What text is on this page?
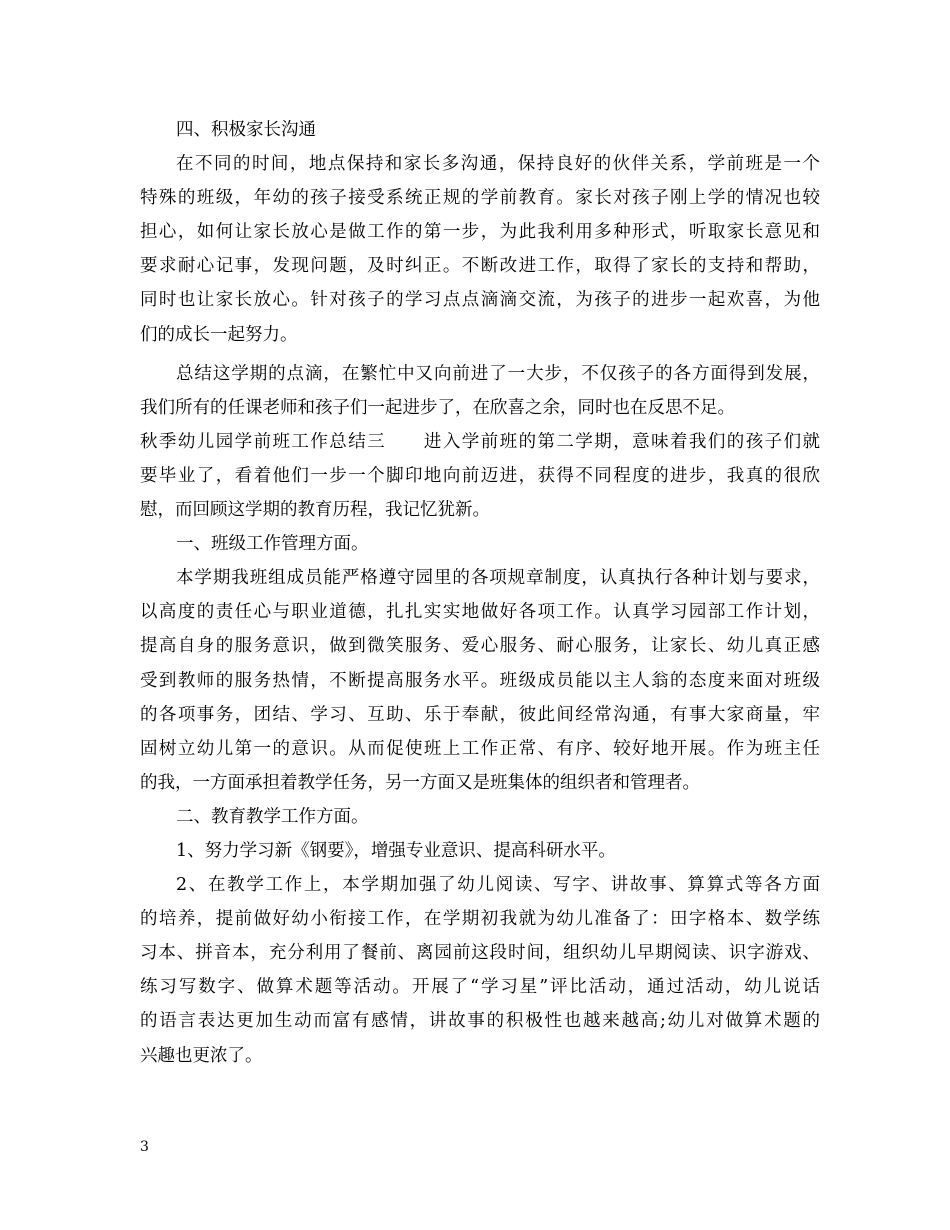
四、积极家长沟通
在不同的时间，地点保持和家长多沟通，保持良好的伙伴关系，学前班是一个
特殊的班级，年幼的孩子接受系统正规的学前教育。家长对孩子刚上学的情况也较
担心，如何让家长放心是做工作的第一步，为此我利用多种形式，听取家长意见和
要求耐心记事，发现问题，及时纠正。不断改进工作，取得了家长的支持和帮助，
同时也让家长放心。针对孩子的学习点点滴滴交流，为孩子的进步一起欢喜，为他
们的成长一起努力。
总结这学期的点滴，在繁忙中又向前进了一大步，不仅孩子的各方面得到发展，
我们所有的任课老师和孩子们一起进步了，在欣喜之余，同时也在反思不足。
秋季幼儿园学前班工作总结三　　进入学前班的第二学期，意味着我们的孩子们就
要毕业了，看着他们一步一个脚印地向前迈进，获得不同程度的进步，我真的很欣
慰，而回顾这学期的教育历程，我记忆犹新。
一、班级工作管理方面。
本学期我班组成员能严格遵守园里的各项规章制度，认真执行各种计划与要求，
以高度的责任心与职业道德，扎扎实实地做好各项工作。认真学习园部工作计划，
提高自身的服务意识，做到微笑服务、爱心服务、耐心服务，让家长、幼儿真正感
受到教师的服务热情，不断提高服务水平。班级成员能以主人翁的态度来面对班级
的各项事务，团结、学习、互助、乐于奉献，彼此间经常沟通，有事大家商量，牢
固树立幼儿第一的意识。从而促使班上工作正常、有序、较好地开展。作为班主任
的我，一方面承担着教学任务，另一方面又是班集体的组织者和管理者。
二、教育教学工作方面。
1、努力学习新《钢要》，增强专业意识、提高科研水平。
2、在教学工作上，本学期加强了幼儿阅读、写字、讲故事、算算式等各方面
的培养，提前做好幼小衔接工作，在学期初我就为幼儿准备了：田字格本、数学练
习本、拼音本，充分利用了餐前、离园前这段时间，组织幼儿早期阅读、识字游戏、
练习写数字、做算术题等活动。开展了“学习星”评比活动，通过活动，幼儿说话
的语言表达更加生动而富有感情，讲故事的积极性也越来越高;幼儿对做算术题的
兴趣也更浓了。
3
